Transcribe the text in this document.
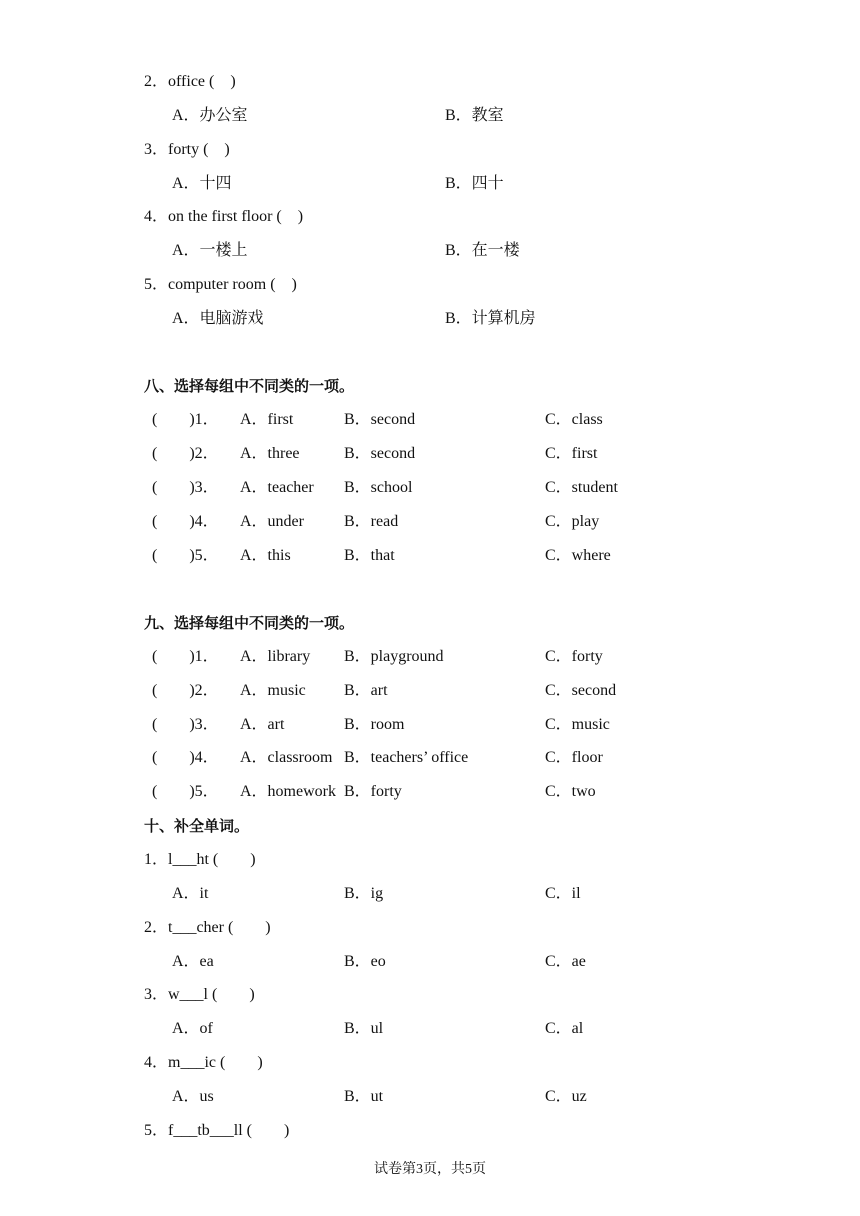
2．office (　)
A．办公室	B．教室
3．forty (　)
A．十四	B．四十
4．on the first floor (　)
A．一楼上	B．在一楼
5．computer room (　)
A．电脑游戏	B．计算机房
八、选择每组中不同类的一项。
(　　)1． A．first	B．second	C．class
(　　)2． A．three	B．second	C．first
(　　)3． A．teacher B．school	C．student
(　　)4． A．under	B．read	C．play
(　　)5． A．this	B．that	C．where
九、选择每组中不同类的一项。
(　　)1． A．library B．playground	C．forty
(　　)2． A．music B．art	C．second
(　　)3． A．art	B．room	C．music
(　　)4． A．classroom B．teachers’ office	C．floor
(　　)5． A．homework B．forty	C．two
十、补全单词。
1．l___ht (　　)
A．it	B．ig	C．il
2．t___cher (　　)
A．ea	B．eo	C．ae
3．w___l (　　)
A．of	B．ul	C．al
4．m___ic (　　)
A．us	B．ut	C．uz
5．f___tb___ll (　　)
试卷第3页，共5页
